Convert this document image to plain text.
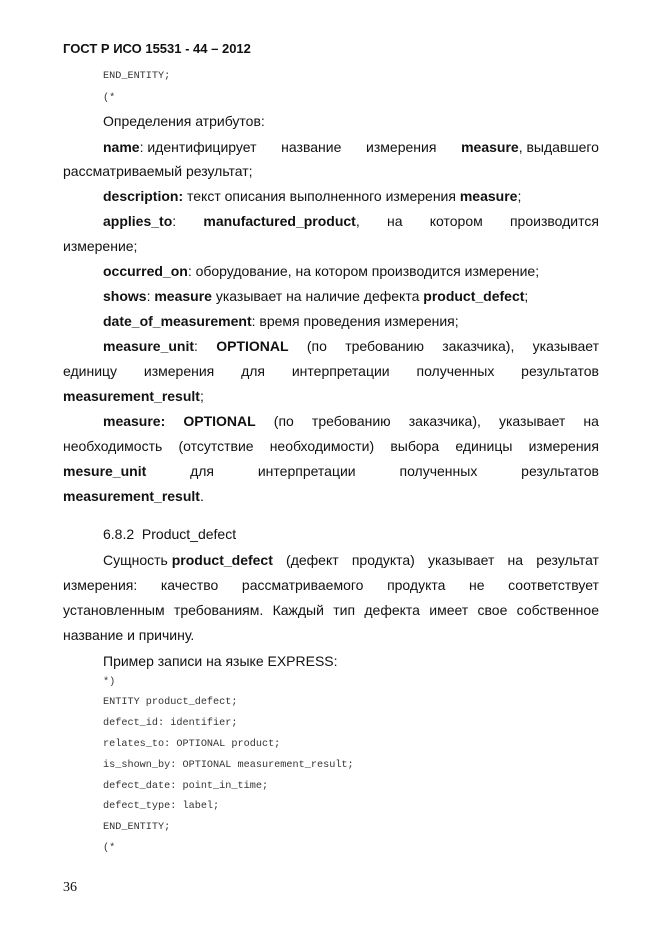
ГОСТ Р ИСО 15531 - 44 – 2012
END_ENTITY;
(*
Определения атрибутов:
name: идентифицирует название измерения measure, выдавшего
рассматриваемый результат;
description: текст описания выполненного измерения measure;
applies_to: manufactured_product, на котором производится
измерение;
occurred_on: оборудование, на котором производится измерение;
shows: measure указывает на наличие дефекта product_defect;
date_of_measurement: время проведения измерения;
measure_unit: OPTIONAL (по требованию заказчика), указывает
единицу измерения для интерпретации полученных результатов
measurement_result;
measure: OPTIONAL (по требованию заказчика), указывает на
необходимость (отсутствие необходимости) выбора единицы измерения
mesure_unit	для	интерпретации	полученных	результатов
measurement_result.
6.8.2 Product_defect
Сущность product_defect (дефект продукта) указывает на результат
измерения: качество рассматриваемого продукта не соответствует
установленным требованиям. Каждый тип дефекта имеет свое собственное
название и причину.
Пример записи на языке EXPRESS:
*)
ENTITY product_defect;
defect_id: identifier;
relates_to: OPTIONAL product;
is_shown_by: OPTIONAL measurement_result;
defect_date: point_in_time;
defect_type: label;
END_ENTITY;
(*
36
